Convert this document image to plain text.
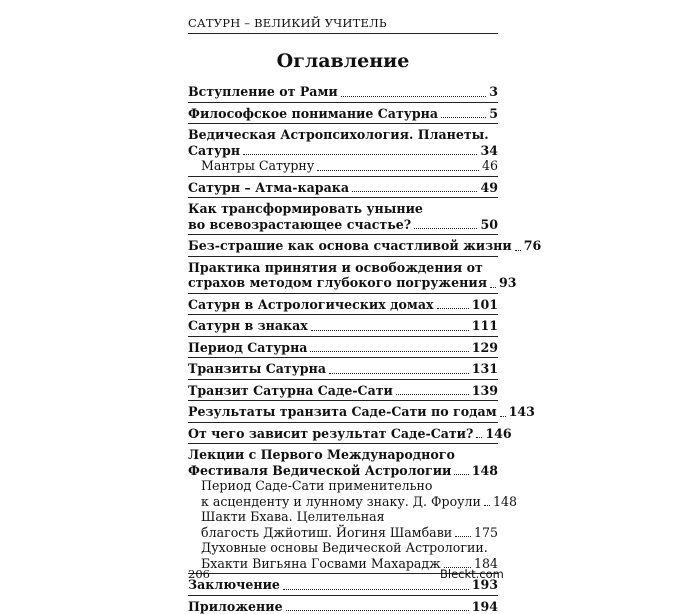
САТУРН – ВЕЛИКИЙ УЧИТЕЛЬ
Оглавление
Вступление от Рами	3
Философское понимание Сатурна	5
Ведическая Астропсихология. Планеты.
Сатурн	34
Мантры Сатурну	46
Сатурн – Атма-карака	49
Как трансформировать уныние
во всевозрастающее счастье?	50
Без-страшие как основа счастливой жизни 76
Практика принятия и освобождения от
страхов методом глубокого погружения 93
Сатурн в Астрологических домах	101
Сатурн в знаках	111
Период Сатурна	129
Транзиты Сатурна	131
Транзит Сатурна Саде-Сати	139
Результаты транзита Саде-Сати по годам 143
От чего зависит результат Саде-Сати? 146
Лекции с Первого Международного
Фестиваля Ведической Астрологии 148
Период Саде-Сати применительно
к асценденту и лунному знаку. Д. Фроули 148
Шакти Бхава. Целительная
благость Джйотиш. Йогиня Шамбави 175
Духовные основы Ведической Астрологии.
Бхакти Вигьяна Госвами Махарадж	184
Заключение	193
Приложение	194
206	Bleckt.com
